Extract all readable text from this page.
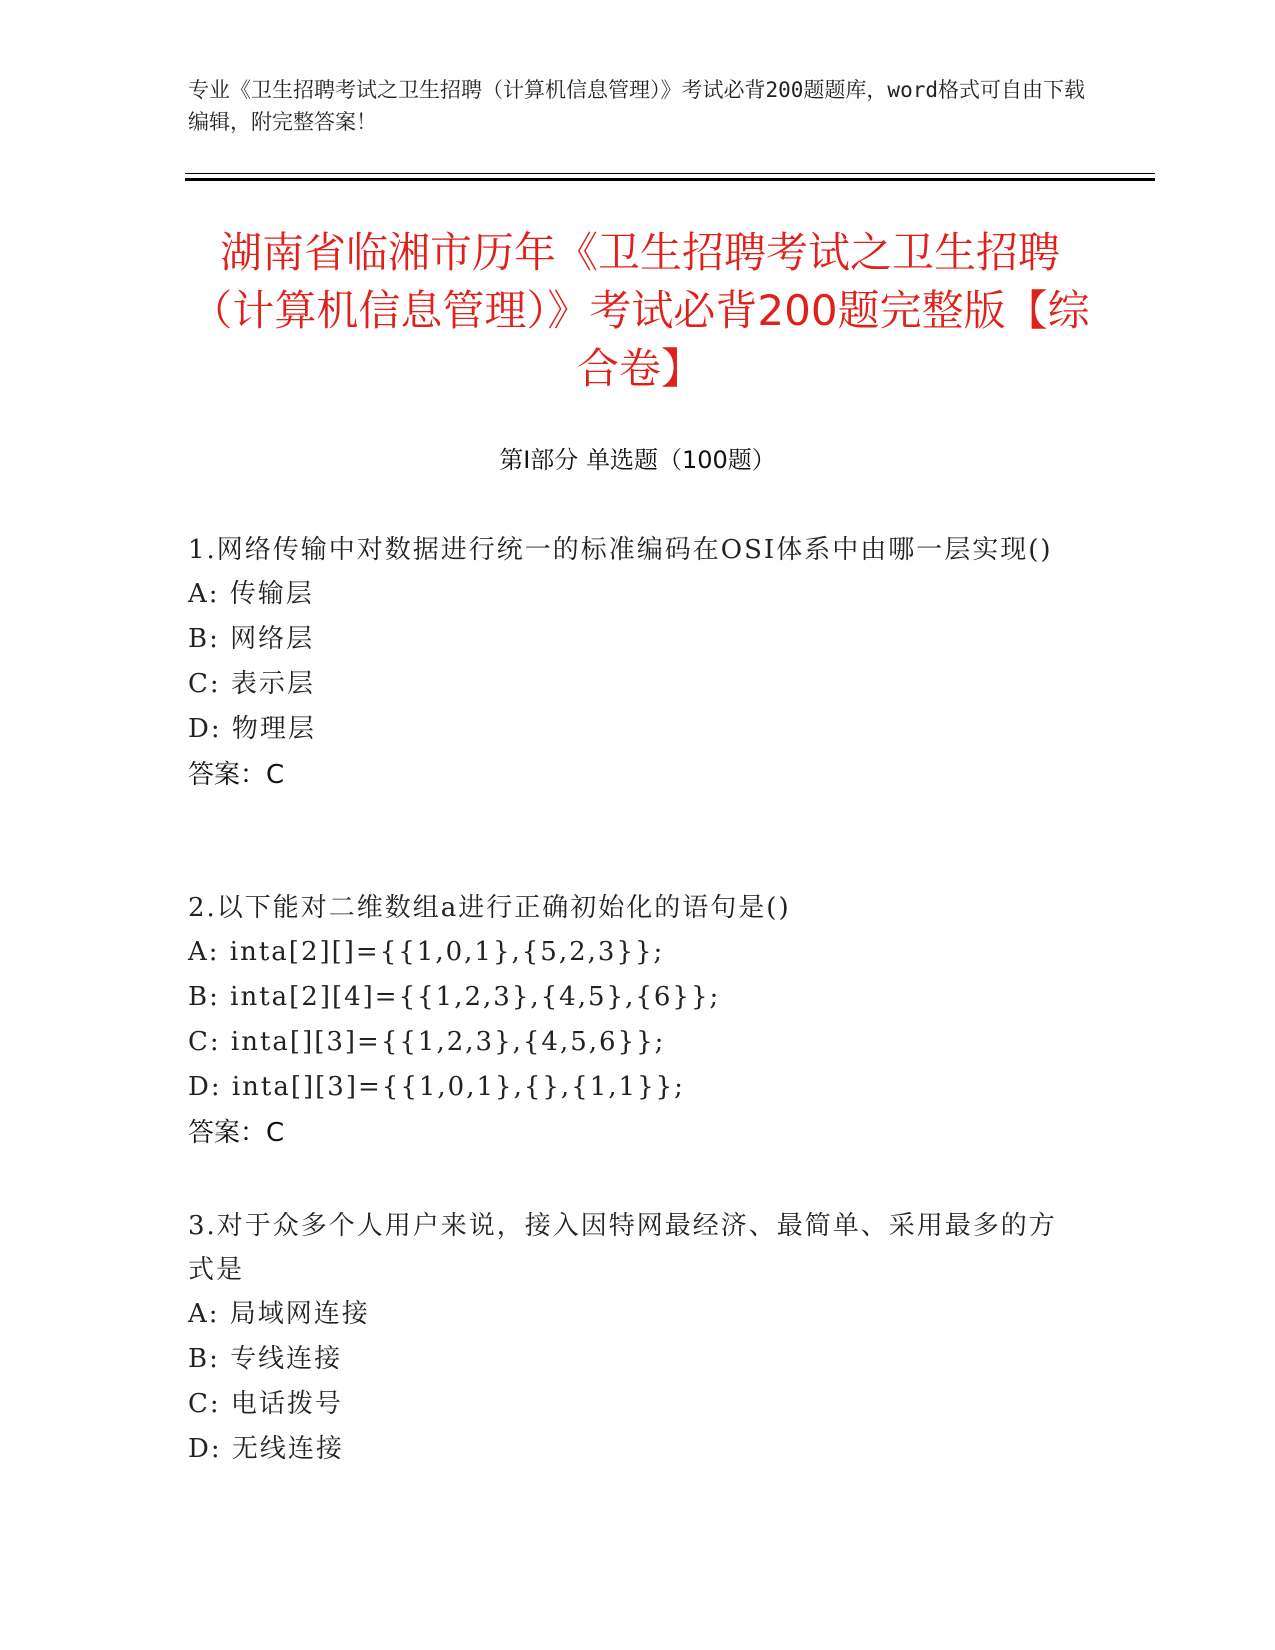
专业《卫生招聘考试之卫生招聘（计算机信息管理）》考试必背200题题库，word格式可自由下载编辑，附完整答案！
湖南省临湘市历年《卫生招聘考试之卫生招聘（计算机信息管理）》考试必背200题完整版【综合卷】
第Ⅰ部分 单选题（100题）
1.网络传输中对数据进行统一的标准编码在OSI体系中由哪一层实现()
A: 传输层
B: 网络层
C: 表示层
D: 物理层
答案：C
2.以下能对二维数组a进行正确初始化的语句是()
A: inta[2][]={{1,0,1},{5,2,3}};
B: inta[2][4]={{1,2,3},{4,5},{6}};
C: inta[][3]={{1,2,3},{4,5,6}};
D: inta[][3]={{1,0,1},{},{1,1}};
答案：C
3.对于众多个人用户来说，接入因特网最经济、最简单、采用最多的方式是
A: 局域网连接
B: 专线连接
C: 电话拨号
D: 无线连接
